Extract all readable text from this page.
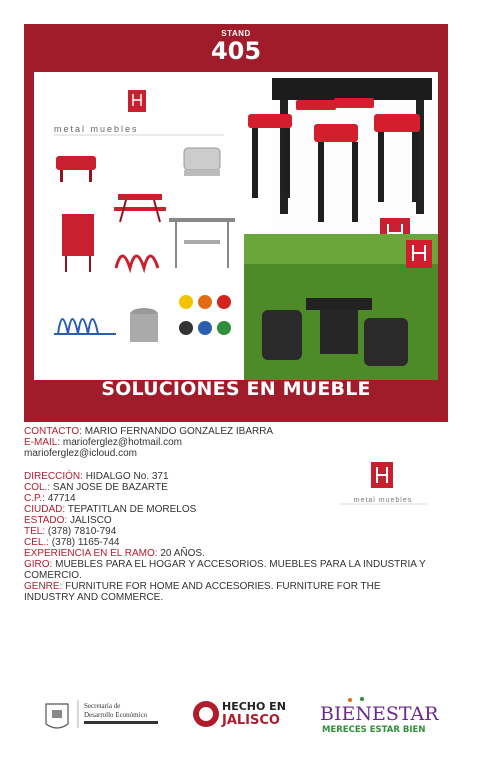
STAND
405
metal muebles
SOLUCIONES EN MUEBLE
CONTACTO: MARIO FERNANDO GONZALEZ IBARRA
E-MAIL: marioferglez@hotmail.com
marioferglez@icloud.com
DIRECCIÓN: HIDALGO No. 371
COL.: SAN JOSE DE BAZARTE
C.P.: 47714
CIUDAD: TEPATITLAN DE MORELOS
ESTADO: JALISCO
TEL: (378) 7810-794
CEL.: (378) 1165-744
EXPERIENCIA EN EL RAMO: 20 AÑOS.
GIRO: MUEBLES PARA EL HOGAR Y ACCESORIOS. MUEBLES PARA LA INDUSTRIA Y COMERCIO.
GENRE: FURNITURE FOR HOME AND ACCESORIES. FURNITURE FOR THE INDUSTRY AND COMMERCE.
metal muebles
Secretaría de
Desarrollo Económico
HECHO EN
JALISCO BIENESTAR
MERECES ESTAR BIEN
